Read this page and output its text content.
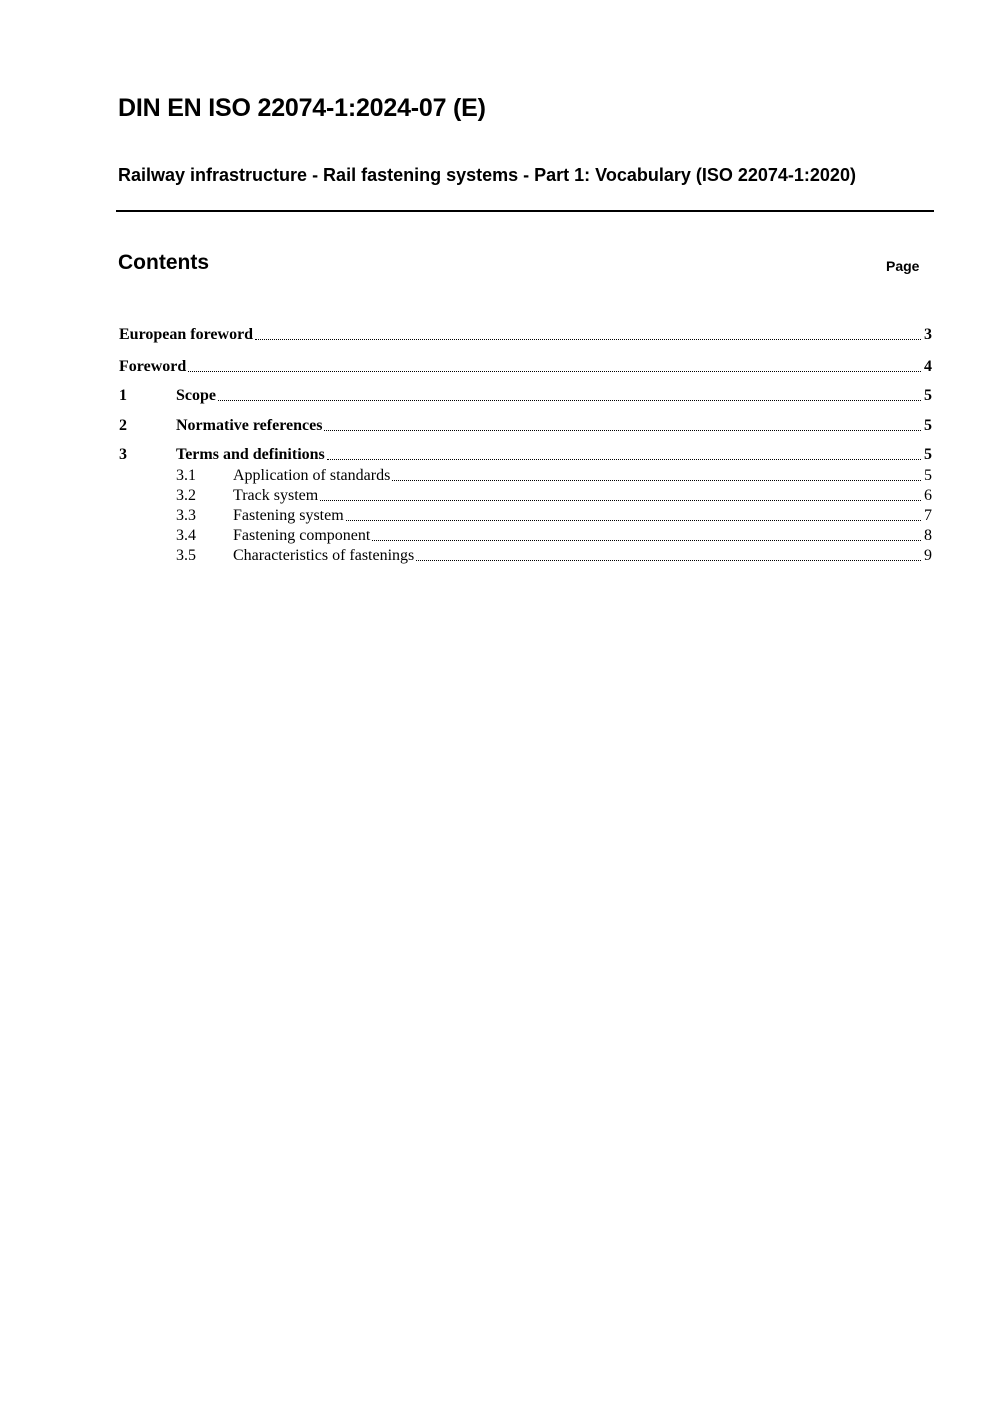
DIN EN ISO 22074-1:2024-07 (E)
Railway infrastructure - Rail fastening systems - Part 1: Vocabulary (ISO 22074-1:2020)
Contents	Page
European foreword	3
Foreword	4
1	Scope	5
2	Normative references	5
3	Terms and definitions	5
3.1	Application of standards	5
3.2	Track system	6
3.3	Fastening system	7
3.4	Fastening component	8
3.5	Characteristics of fastenings	9
